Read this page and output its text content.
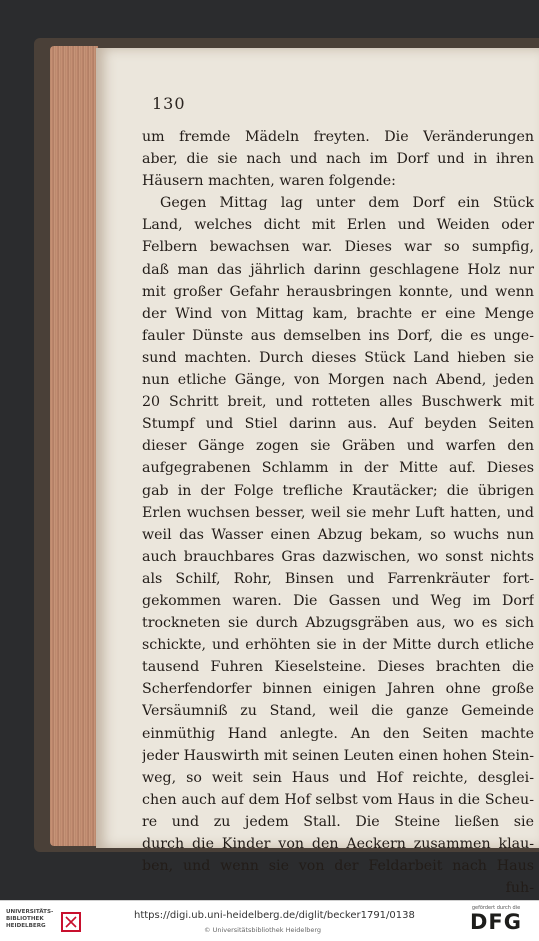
130
um fremde Mädeln freyten. Die Veränderungen
aber, die sie nach und nach im Dorf und in ihren
Häusern machten, waren folgende:
Gegen Mittag lag unter dem Dorf ein Stück
Land, welches dicht mit Erlen und Weiden oder
Felbern bewachsen war. Dieses war so sumpfig,
daß man das jährlich darinn geschlagene Holz nur
mit großer Gefahr herausbringen konnte, und wenn
der Wind von Mittag kam, brachte er eine Menge
fauler Dünste aus demselben ins Dorf, die es unge-
sund machten. Durch dieses Stück Land hieben sie
nun etliche Gänge, von Morgen nach Abend, jeden
20 Schritt breit, und rotteten alles Buschwerk mit
Stumpf und Stiel darinn aus. Auf beyden Seiten
dieser Gänge zogen sie Gräben und warfen den
aufgegrabenen Schlamm in der Mitte auf. Dieses
gab in der Folge trefliche Krautäcker; die übrigen
Erlen wuchsen besser, weil sie mehr Luft hatten, und
weil das Wasser einen Abzug bekam, so wuchs nun
auch brauchbares Gras dazwischen, wo sonst nichts
als Schilf, Rohr, Binsen und Farrenkräuter fort-
gekommen waren. Die Gassen und Weg im Dorf
trockneten sie durch Abzugsgräben aus, wo es sich
schickte, und erhöhten sie in der Mitte durch etliche
tausend Fuhren Kieselsteine. Dieses brachten die
Scherfendorfer binnen einigen Jahren ohne große
Versäumniß zu Stand, weil die ganze Gemeinde
einmüthig Hand anlegte. An den Seiten machte
jeder Hauswirth mit seinen Leuten einen hohen Stein-
weg, so weit sein Haus und Hof reichte, desglei-
chen auch auf dem Hof selbst vom Haus in die Scheu-
re und zu jedem Stall. Die Steine ließen sie
durch die Kinder von den Aeckern zusammen klau-
ben, und wenn sie von der Feldarbeit nach Haus
fuh-
UNIVERSITÄTS-
BIBLIOTHEK
HEIDELBERG
https://digi.ub.uni-heidelberg.de/diglit/becker1791/0138
© Universitätsbibliothek Heidelberg
gefördert durch die
DFG
